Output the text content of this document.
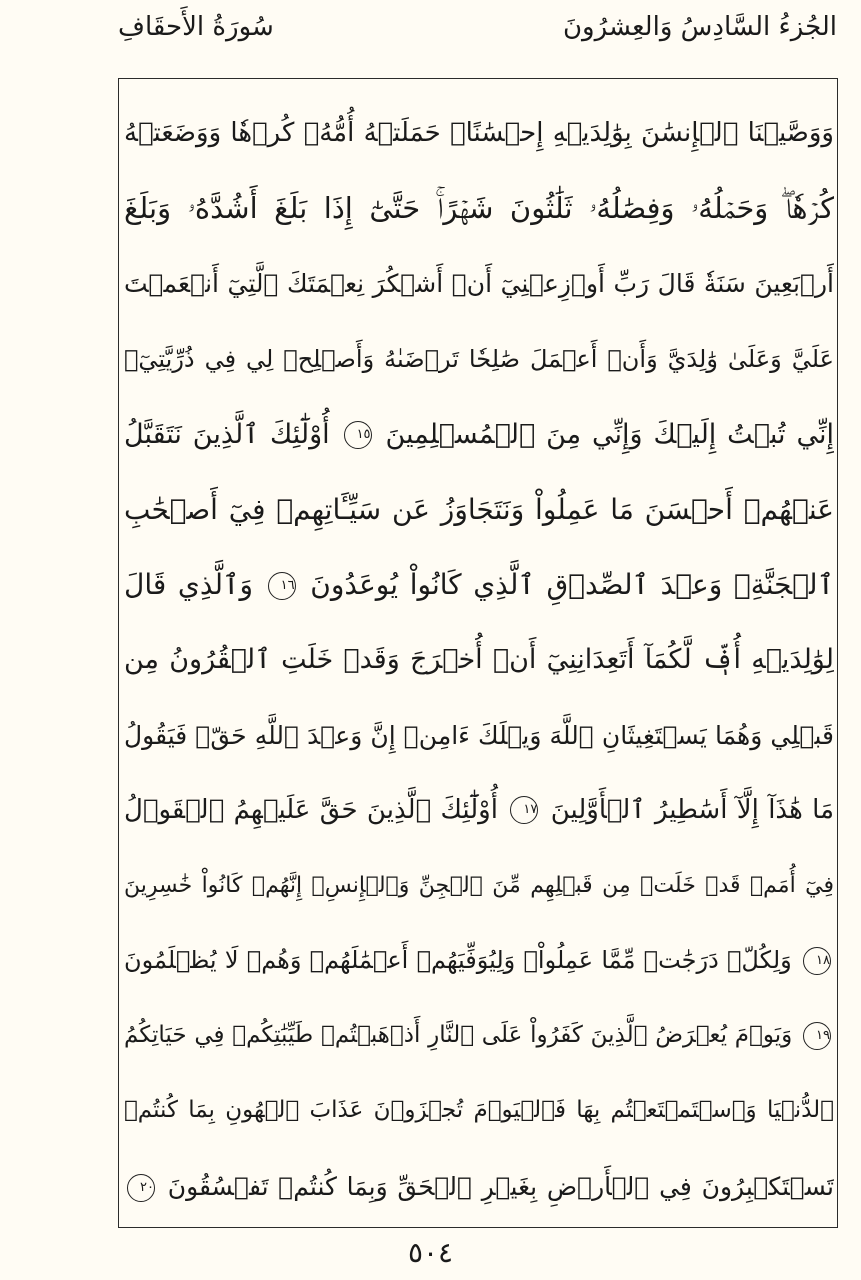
الجُزءُ السَّادِسُ وَالعِشرُونَ
سُورَةُ الأَحقَافِ
وَوَصَّيۡنَا ٱلۡإِنسَٰنَ بِوَٰلِدَيۡهِ إِحۡسَٰنًاۖ حَمَلَتۡهُ أُمُّهُۥ كُرۡهٗا وَوَضَعَتۡهُ
كُرۡهٗاۖ وَحَمۡلُهُۥ وَفِصَٰلُهُۥ ثَلَٰثُونَ شَهۡرًاۚ حَتَّىٰٓ إِذَا بَلَغَ أَشُدَّهُۥ وَبَلَغَ
أَرۡبَعِينَ سَنَةٗ قَالَ رَبِّ أَوۡزِعۡنِيٓ أَنۡ أَشۡكُرَ نِعۡمَتَكَ ٱلَّتِيٓ أَنۡعَمۡتَ
عَلَيَّ وَعَلَىٰ وَٰلِدَيَّ وَأَنۡ أَعۡمَلَ صَٰلِحٗا تَرۡضَىٰهُ وَأَصۡلِحۡ لِي فِي ذُرِّيَّتِيٓۖ
إِنِّي تُبۡتُ إِلَيۡكَ وَإِنِّي مِنَ ٱلۡمُسۡلِمِينَ ١٥ أُوْلَٰٓئِكَ ٱلَّذِينَ نَتَقَبَّلُ
عَنۡهُمۡ أَحۡسَنَ مَا عَمِلُواْ وَنَتَجَاوَزُ عَن سَيِّـَٔاتِهِمۡ فِيٓ أَصۡحَٰبِ
ٱلۡجَنَّةِۖ وَعۡدَ ٱلصِّدۡقِ ٱلَّذِي كَانُواْ يُوعَدُونَ ١٦ وَٱلَّذِي قَالَ
لِوَٰلِدَيۡهِ أُفّٖ لَّكُمَآ أَتَعِدَانِنِيٓ أَنۡ أُخۡرَجَ وَقَدۡ خَلَتِ ٱلۡقُرُونُ مِن
قَبۡلِي وَهُمَا يَسۡتَغِيثَانِ ٱللَّهَ وَيۡلَكَ ءَامِنۡ إِنَّ وَعۡدَ ٱللَّهِ حَقّٞ فَيَقُولُ
مَا هَٰذَآ إِلَّآ أَسَٰطِيرُ ٱلۡأَوَّلِينَ ١٧ أُوْلَٰٓئِكَ ٱلَّذِينَ حَقَّ عَلَيۡهِمُ ٱلۡقَوۡلُ
فِيٓ أُمَمٖ قَدۡ خَلَتۡ مِن قَبۡلِهِم مِّنَ ٱلۡجِنِّ وَٱلۡإِنسِۖ إِنَّهُمۡ كَانُواْ خَٰسِرِينَ
١٨ وَلِكُلّٖ دَرَجَٰتٞ مِّمَّا عَمِلُواْۖ وَلِيُوَفِّيَهُمۡ أَعۡمَٰلَهُمۡ وَهُمۡ لَا يُظۡلَمُونَ
١٩ وَيَوۡمَ يُعۡرَضُ ٱلَّذِينَ كَفَرُواْ عَلَى ٱلنَّارِ أَذۡهَبۡتُمۡ طَيِّبَٰتِكُمۡ فِي حَيَاتِكُمُ
ٱلدُّنۡيَا وَٱسۡتَمۡتَعۡتُم بِهَا فَٱلۡيَوۡمَ تُجۡزَوۡنَ عَذَابَ ٱلۡهُونِ بِمَا كُنتُمۡ
تَسۡتَكۡبِرُونَ فِي ٱلۡأَرۡضِ بِغَيۡرِ ٱلۡحَقِّ وَبِمَا كُنتُمۡ تَفۡسُقُونَ ٢٠
٥٠٤
